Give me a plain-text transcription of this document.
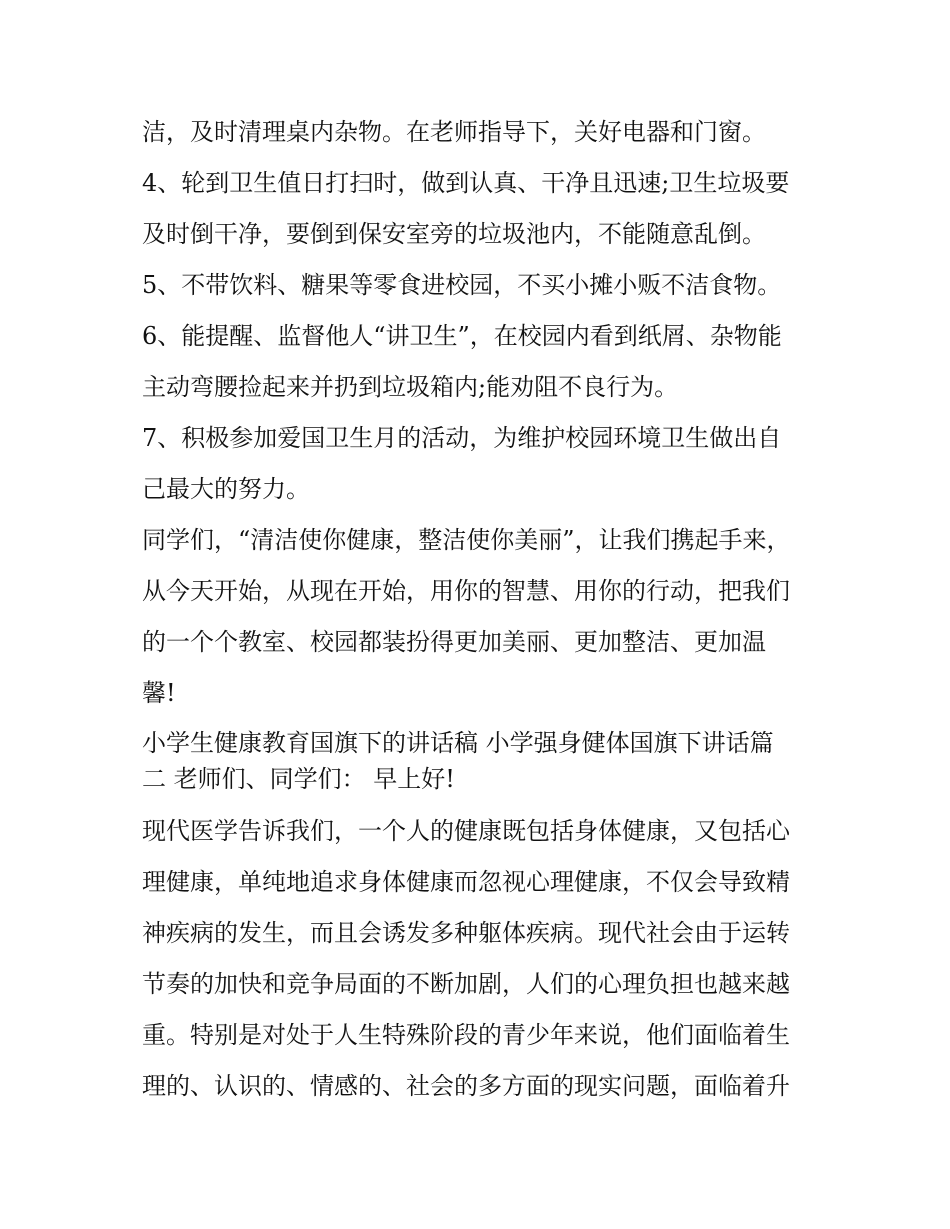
洁，及时清理桌内杂物。在老师指导下，关好电器和门窗。
4、轮到卫生值日打扫时，做到认真、干净且迅速;卫生垃圾要
及时倒干净，要倒到保安室旁的垃圾池内，不能随意乱倒。
5、不带饮料、糖果等零食进校园，不买小摊小贩不洁食物。
6、能提醒、监督他人“讲卫生”，在校园内看到纸屑、杂物能
主动弯腰捡起来并扔到垃圾箱内;能劝阻不良行为。
7、积极参加爱国卫生月的活动，为维护校园环境卫生做出自
己最大的努力。
同学们，“清洁使你健康，整洁使你美丽”，让我们携起手来，
从今天开始，从现在开始，用你的智慧、用你的行动，把我们
的一个个教室、校园都装扮得更加美丽、更加整洁、更加温
馨!
小学生健康教育国旗下的讲话稿 小学强身健体国旗下讲话篇
二 老师们、同学们： 早上好!
现代医学告诉我们，一个人的健康既包括身体健康，又包括心
理健康，单纯地追求身体健康而忽视心理健康，不仅会导致精
神疾病的发生，而且会诱发多种躯体疾病。现代社会由于运转
节奏的加快和竞争局面的不断加剧，人们的心理负担也越来越
重。特别是对处于人生特殊阶段的青少年来说，他们面临着生
理的、认识的、情感的、社会的多方面的现实问题，面临着升
